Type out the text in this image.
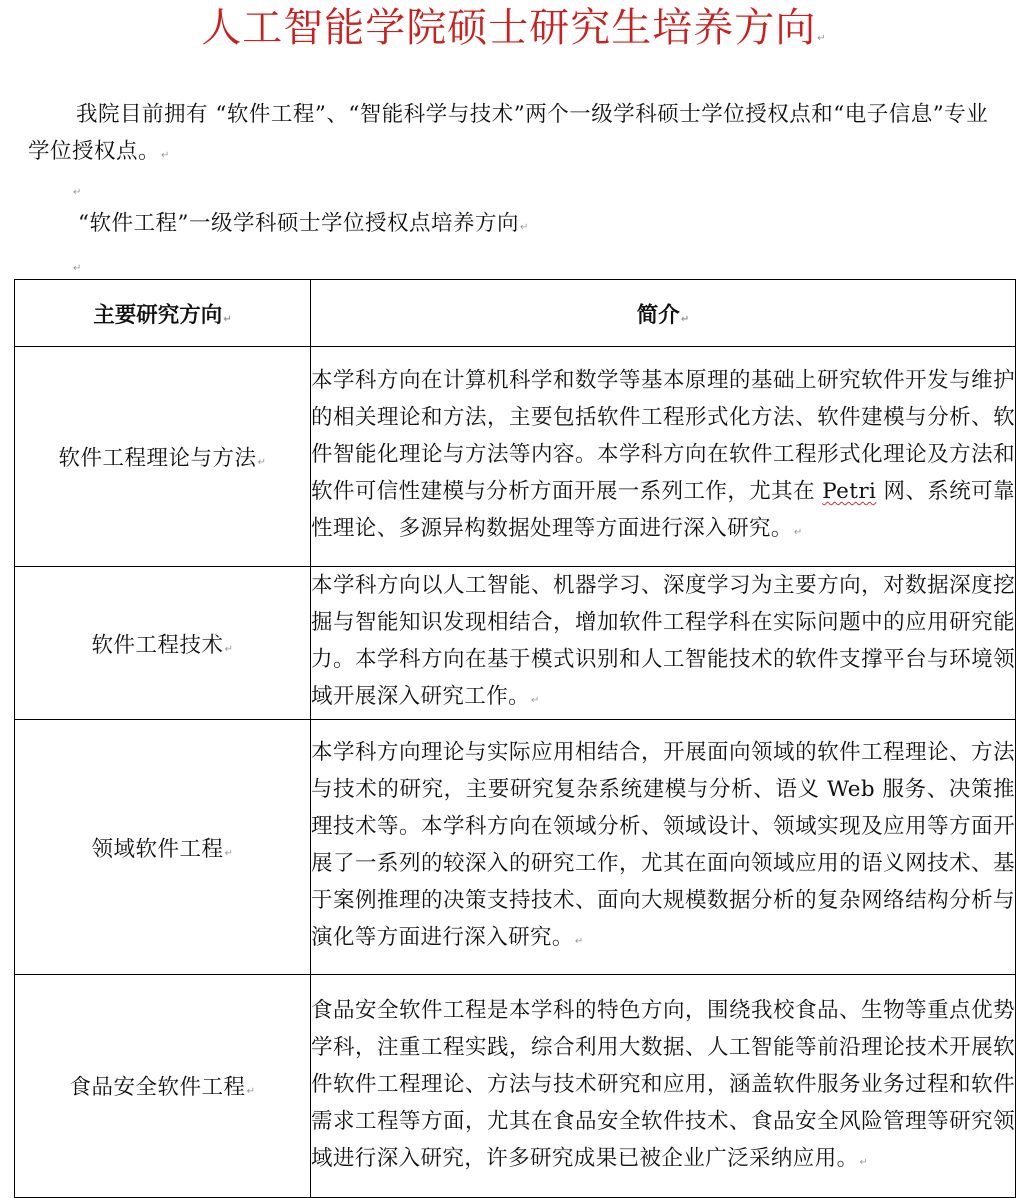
人工智能学院硕士研究生培养方向↵
我院目前拥有 “软件工程”、“智能科学与技术”两个一级学科硕士学位授权点和“电子信息”专业学位授权点。↵
↵
“软件工程”一级学科硕士学位授权点培养方向↵
↵
主要研究方向↵	简介↵
软件工程理论与方法↵	本学科方向在计算机科学和数学等基本原理的基础上研究软件开发与维护的相关理论和方法，主要包括软件工程形式化方法、软件建模与分析、软件智能化理论与方法等内容。本学科方向在软件工程形式化理论及方法和软件可信性建模与分析方面开展一系列工作，尤其在 Petri 网、系统可靠性理论、多源异构数据处理等方面进行深入研究。↵
软件工程技术↵	本学科方向以人工智能、机器学习、深度学习为主要方向，对数据深度挖掘与智能知识发现相结合，增加软件工程学科在实际问题中的应用研究能力。本学科方向在基于模式识别和人工智能技术的软件支撑平台与环境领域开展深入研究工作。↵
领域软件工程↵	本学科方向理论与实际应用相结合，开展面向领域的软件工程理论、方法与技术的研究，主要研究复杂系统建模与分析、语义 Web 服务、决策推理技术等。本学科方向在领域分析、领域设计、领域实现及应用等方面开展了一系列的较深入的研究工作，尤其在面向领域应用的语义网技术、基于案例推理的决策支持技术、面向大规模数据分析的复杂网络结构分析与演化等方面进行深入研究。↵
食品安全软件工程↵	食品安全软件工程是本学科的特色方向，围绕我校食品、生物等重点优势学科，注重工程实践，综合利用大数据、人工智能等前沿理论技术开展软件软件工程理论、方法与技术研究和应用，涵盖软件服务业务过程和软件需求工程等方面，尤其在食品安全软件技术、食品安全风险管理等研究领域进行深入研究，许多研究成果已被企业广泛采纳应用。↵
